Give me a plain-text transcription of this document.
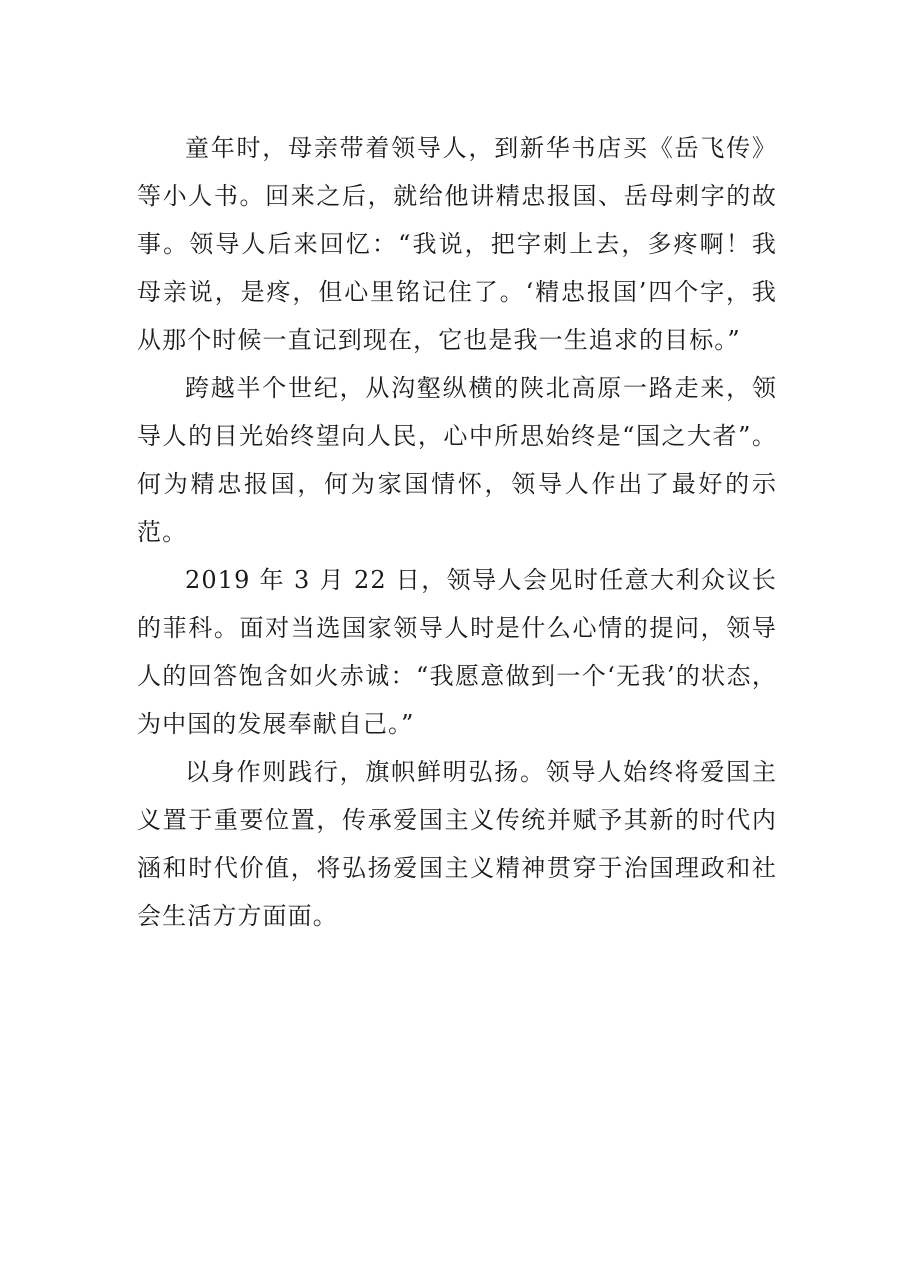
童年时，母亲带着领导人，到新华书店买《岳飞传》等小人书。回来之后，就给他讲精忠报国、岳母刺字的故事。领导人后来回忆：“我说，把字刺上去，多疼啊！我母亲说，是疼，但心里铭记住了。‘精忠报国’四个字，我从那个时候一直记到现在，它也是我一生追求的目标。”

跨越半个世纪，从沟壑纵横的陕北高原一路走来，领导人的目光始终望向人民，心中所思始终是“国之大者”。何为精忠报国，何为家国情怀，领导人作出了最好的示范。

2019 年 3 月 22 日，领导人会见时任意大利众议长的菲科。面对当选国家领导人时是什么心情的提问，领导人的回答饱含如火赤诚：“我愿意做到一个‘无我’的状态，为中国的发展奉献自己。”

以身作则践行，旗帜鲜明弘扬。领导人始终将爱国主义置于重要位置，传承爱国主义传统并赋予其新的时代内涵和时代价值，将弘扬爱国主义精神贯穿于治国理政和社会生活方方面面。
